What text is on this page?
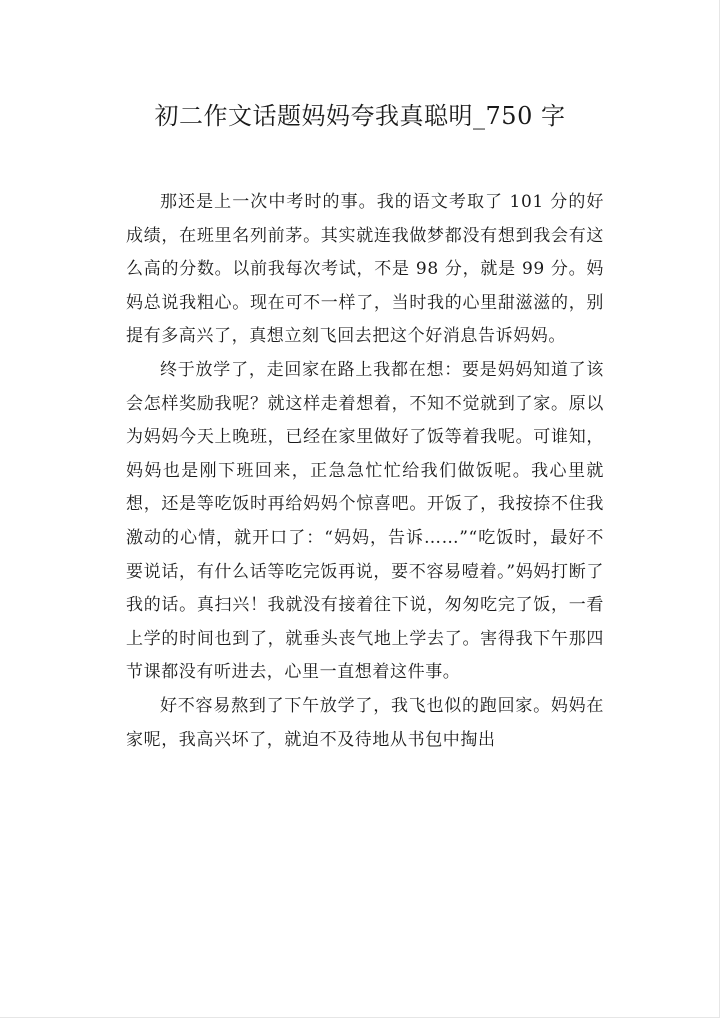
初二作文话题妈妈夸我真聪明_750 字

那还是上一次中考时的事。我的语文考取了 101 分的好成绩，在班里名列前茅。其实就连我做梦都没有想到我会有这么高的分数。以前我每次考试，不是 98 分，就是 99 分。妈妈总说我粗心。现在可不一样了，当时我的心里甜滋滋的，别提有多高兴了，真想立刻飞回去把这个好消息告诉妈妈。

终于放学了，走回家在路上我都在想：要是妈妈知道了该会怎样奖励我呢？就这样走着想着，不知不觉就到了家。原以为妈妈今天上晚班，已经在家里做好了饭等着我呢。可谁知，妈妈也是刚下班回来，正急急忙忙给我们做饭呢。我心里就想，还是等吃饭时再给妈妈个惊喜吧。开饭了，我按捺不住我激动的心情，就开口了：“妈妈，告诉……”“吃饭时，最好不要说话，有什么话等吃完饭再说，要不容易噎着。”妈妈打断了我的话。真扫兴！我就没有接着往下说，匆匆吃完了饭，一看上学的时间也到了，就垂头丧气地上学去了。害得我下午那四节课都没有听进去，心里一直想着这件事。

好不容易熬到了下午放学了，我飞也似的跑回家。妈妈在家呢，我高兴坏了，就迫不及待地从书包中掏出
